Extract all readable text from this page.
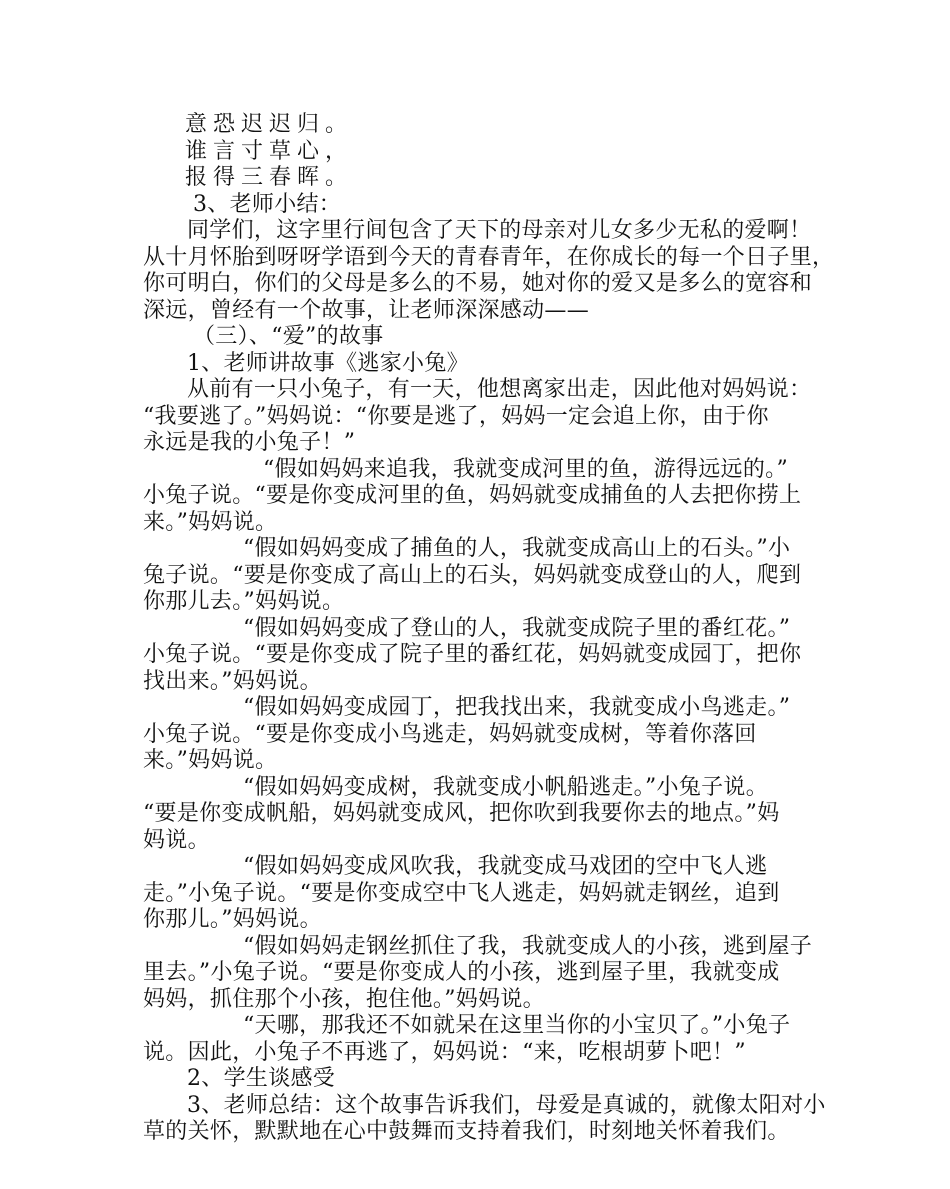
意恐迟迟归。
谁言寸草心，
报得三春晖。
3、老师小结：
同学们，这字里行间包含了天下的母亲对儿女多少无私的爱啊！
从十月怀胎到呀呀学语到今天的青春青年，在你成长的每一个日子里，
你可明白，你们的父母是多么的不易，她对你的爱又是多么的宽容和
深远，曾经有一个故事，让老师深深感动——
（三）、“爱”的故事
1、老师讲故事《逃家小兔》
从前有一只小兔子，有一天，他想离家出走，因此他对妈妈说：
“我要逃了。”妈妈说：“你要是逃了，妈妈一定会追上你，由于你
永远是我的小兔子！”
“假如妈妈来追我，我就变成河里的鱼，游得远远的。”
小兔子说。“要是你变成河里的鱼，妈妈就变成捕鱼的人去把你捞上
来。”妈妈说。
“假如妈妈变成了捕鱼的人，我就变成高山上的石头。”小
兔子说。“要是你变成了高山上的石头，妈妈就变成登山的人，爬到
你那儿去。”妈妈说。
“假如妈妈变成了登山的人，我就变成院子里的番红花。”
小兔子说。“要是你变成了院子里的番红花，妈妈就变成园丁，把你
找出来。”妈妈说。
“假如妈妈变成园丁，把我找出来，我就变成小鸟逃走。”
小兔子说。“要是你变成小鸟逃走，妈妈就变成树，等着你落回
来。”妈妈说。
“假如妈妈变成树，我就变成小帆船逃走。”小兔子说。
“要是你变成帆船，妈妈就变成风，把你吹到我要你去的地点。”妈
妈说。
“假如妈妈变成风吹我，我就变成马戏团的空中飞人逃
走。”小兔子说。“要是你变成空中飞人逃走，妈妈就走钢丝，追到
你那儿。”妈妈说。
“假如妈妈走钢丝抓住了我，我就变成人的小孩，逃到屋子
里去。”小兔子说。“要是你变成人的小孩，逃到屋子里，我就变成
妈妈，抓住那个小孩，抱住他。”妈妈说。
“天哪，那我还不如就呆在这里当你的小宝贝了。”小兔子
说。因此，小兔子不再逃了，妈妈说：“来，吃根胡萝卜吧！”
2、学生谈感受
3、老师总结：这个故事告诉我们，母爱是真诚的，就像太阳对小
草的关怀，默默地在心中鼓舞而支持着我们，时刻地关怀着我们。
